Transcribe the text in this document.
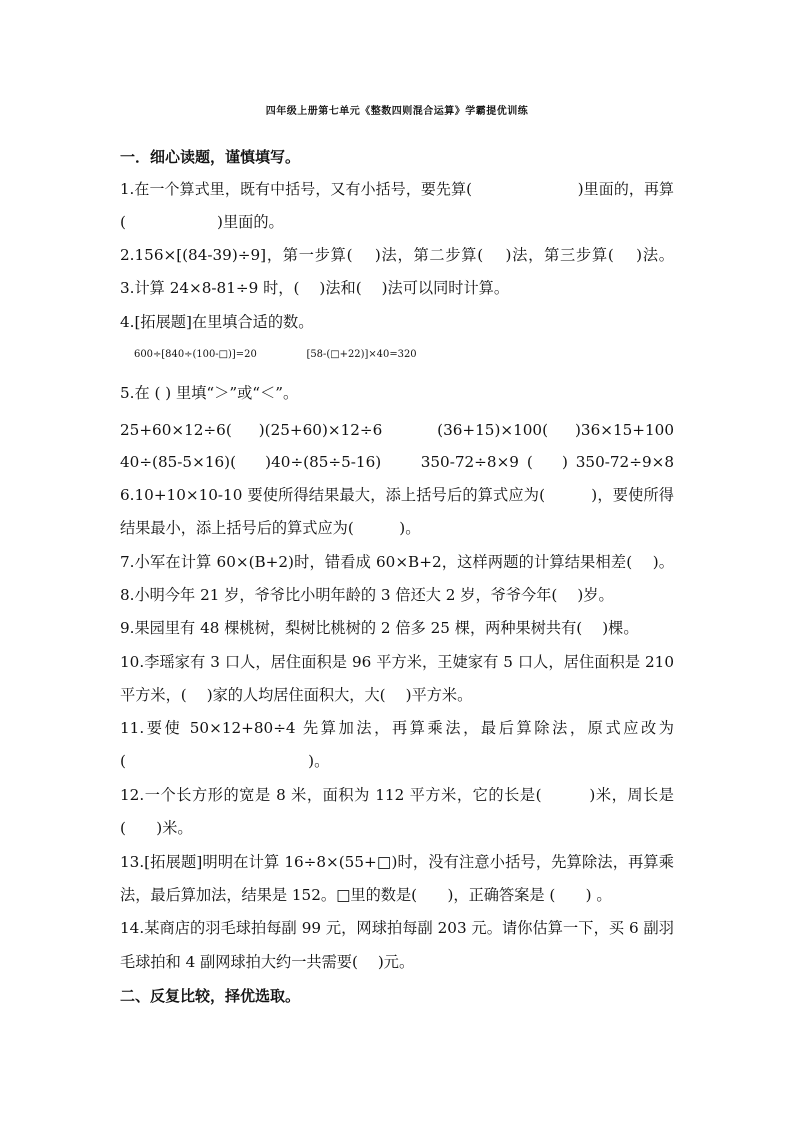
四年级上册第七单元《整数四则混合运算》学霸提优训练
一．细心读题，谨慎填写。
1.在一个算式里，既有中括号，又有小括号，要先算(　　　　　　　)里面的，再算
(　　　　　　)里面的。
2.156×[(84-39)÷9]，第一步算(　 )法，第二步算(　 )法，第三步算(　 )法。
3.计算 24×8-81÷9 时，(　 )法和(　 )法可以同时计算。
4.[拓展题]在里填合适的数。
600÷[840÷(100-□)]=20　　　　　[58-(□+22)]×40=320
5.在 ( ) 里填“＞”或“＜”。
25+60×12÷6(　 )(25+60)×12÷6　　　(36+15)×100(　 )36×15+100
40÷(85-5×16)(　 )40÷(85÷5-16)　　350-72÷8×9 (　 ) 350-72÷9×8
6.10+10×10-10 要使所得结果最大，添上括号后的算式应为(　　　)，要使所得
结果最小，添上括号后的算式应为(　　　)。
7.小军在计算 60×(B+2)时，错看成 60×B+2，这样两题的计算结果相差(　 )。
8.小明今年 21 岁，爷爷比小明年龄的 3 倍还大 2 岁，爷爷今年(　 )岁。
9.果园里有 48 棵桃树，梨树比桃树的 2 倍多 25 棵，两种果树共有(　 )棵。
10.李瑶家有 3 口人，居住面积是 96 平方米，王婕家有 5 口人，居住面积是 210
平方米，(　 )家的人均居住面积大，大(　 )平方米。
11.要使 50×12+80÷4 先算加法，再算乘法，最后算除法，原式应改为
(　　　　　　　　　　　　)。
12.一个长方形的宽是 8 米，面积为 112 平方米，它的长是(　　　)米，周长是
(　　)米。
13.[拓展题]明明在计算 16÷8×(55+□)时，没有注意小括号，先算除法，再算乘
法，最后算加法，结果是 152。□里的数是(　　)，正确答案是 (　　) 。
14.某商店的羽毛球拍每副 99 元，网球拍每副 203 元。请你估算一下，买 6 副羽
毛球拍和 4 副网球拍大约一共需要(　 )元。
二、反复比较，择优选取。
